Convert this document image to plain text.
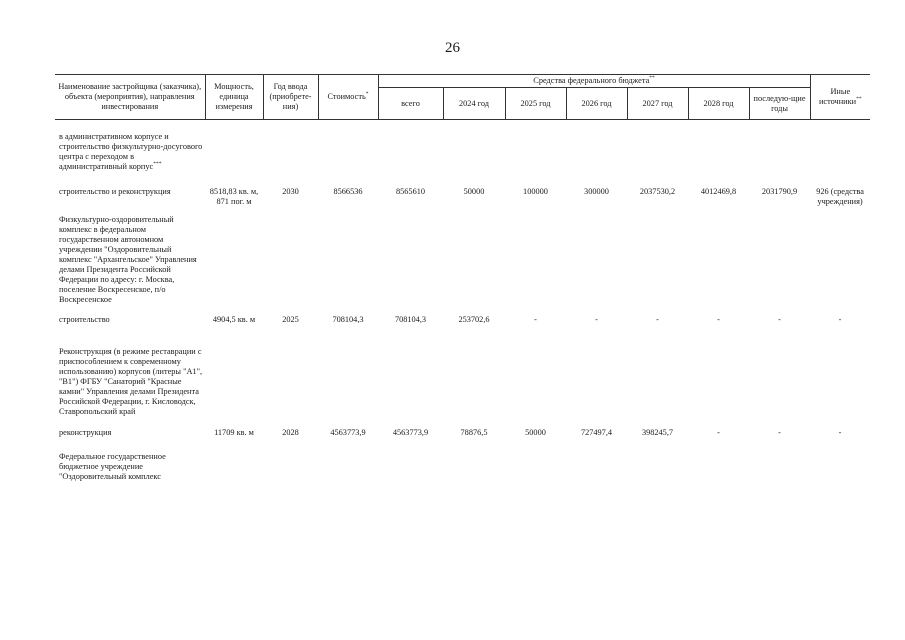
26
Наименование застройщика (заказчика), объекта (мероприятия), направления инвестирования	Мощность, единица измерения	Год ввода (приобрете-ния)	Стоимость*	Средства федерального бюджета**							Иные источники**
				всего	2024 год	2025 год	2026 год	2027 год	2028 год	последую-щие годы	

в административном корпусе и строительство физкультурно-досугового центра с переходом в административный корпус***	

строительство и реконструкция	8518,83 кв. м, 871 пог. м	2030	8566536	8565610	50000	100000	300000	2037530,2	4012469,8	2031790,9	926 (средства учреждения)

Физкультурно-оздоровительный комплекс в федеральном государственном автономном учреждении "Оздоровительный комплекс "Архангельское" Управления делами Президента Российской Федерации по адресу: г. Москва, поселение Воскресенское, п/о Воскресенское											

строительство	4904,5 кв. м	2025	708104,3	708104,3	253702,6	-	-	-	-	-	-

Реконструкция (в режиме реставрации с приспособлением к современному использованию) корпусов (литеры "А1", "В1") ФГБУ "Санаторий "Красные камни" Управления делами Президента Российской Федерации, г. Кисловодск, Ставропольский край											

реконструкция	11709 кв. м	2028	4563773,9	4563773,9	78876,5	50000	727497,4	398245,7	-	-	-

Федеральное государственное бюджетное учреждение "Оздоровительный комплекс											
